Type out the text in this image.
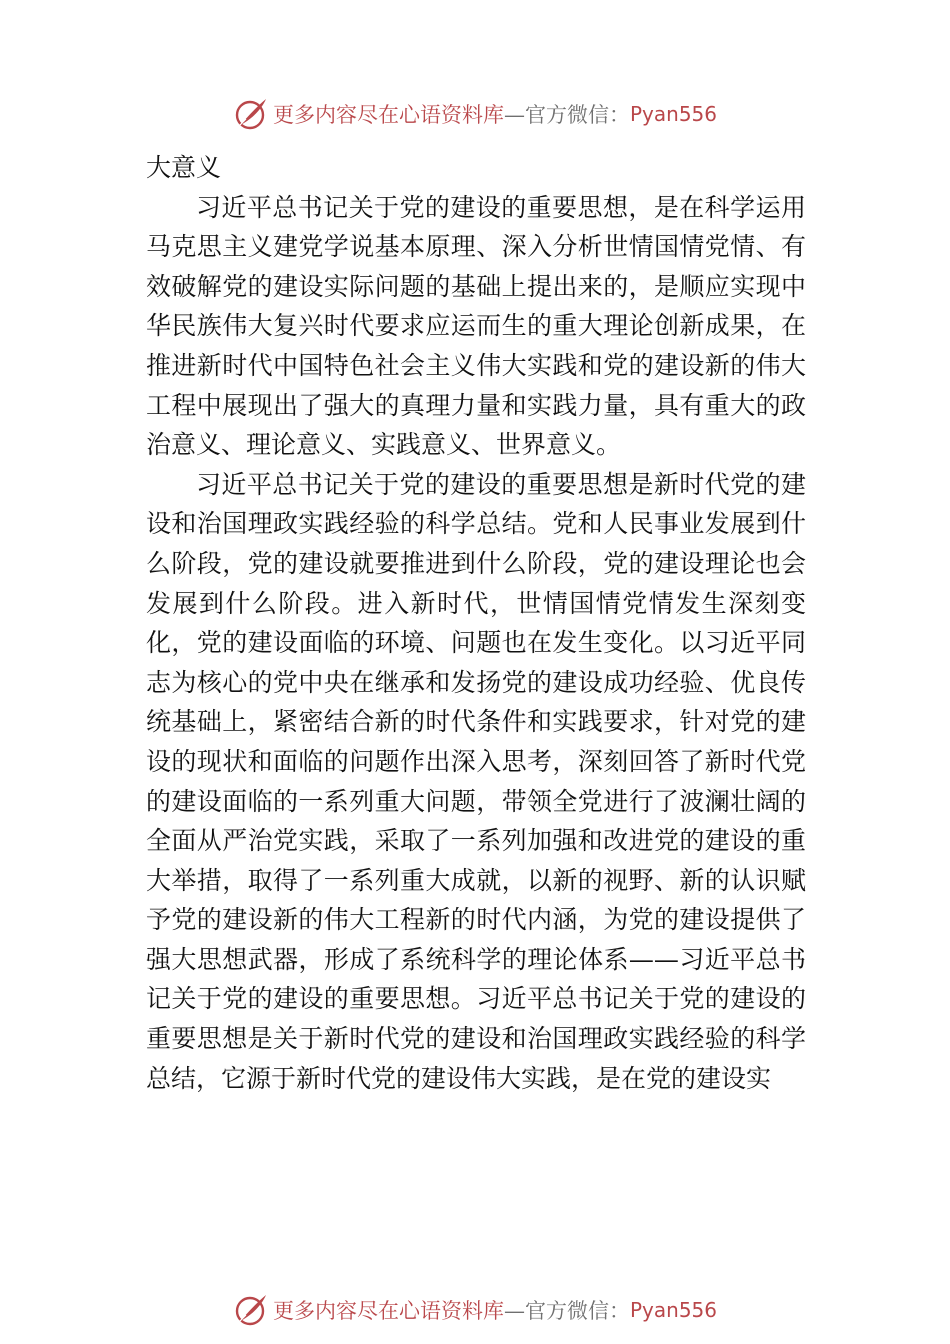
更多内容尽在心语资料库 —官方微信： Pyan556

大意义

习近平总书记关于党的建设的重要思想，是在科学运用马克思主义建党学说基本原理、深入分析世情国情党情、有效破解党的建设实际问题的基础上提出来的，是顺应实现中华民族伟大复兴时代要求应运而生的重大理论创新成果，在推进新时代中国特色社会主义伟大实践和党的建设新的伟大工程中展现出了强大的真理力量和实践力量，具有重大的政治意义、理论意义、实践意义、世界意义。

习近平总书记关于党的建设的重要思想是新时代党的建设和治国理政实践经验的科学总结。党和人民事业发展到什么阶段，党的建设就要推进到什么阶段，党的建设理论也会发展到什么阶段。进入新时代，世情国情党情发生深刻变化，党的建设面临的环境、问题也在发生变化。以习近平同志为核心的党中央在继承和发扬党的建设成功经验、优良传统基础上，紧密结合新的时代条件和实践要求，针对党的建设的现状和面临的问题作出深入思考，深刻回答了新时代党的建设面临的一系列重大问题，带领全党进行了波澜壮阔的全面从严治党实践，采取了一系列加强和改进党的建设的重大举措，取得了一系列重大成就，以新的视野、新的认识赋予党的建设新的伟大工程新的时代内涵，为党的建设提供了强大思想武器，形成了系统科学的理论体系——习近平总书记关于党的建设的重要思想。习近平总书记关于党的建设的重要思想是关于新时代党的建设和治国理政实践经验的科学总结，它源于新时代党的建设伟大实践，是在党的建设实

更多内容尽在心语资料库 —官方微信： Pyan556
